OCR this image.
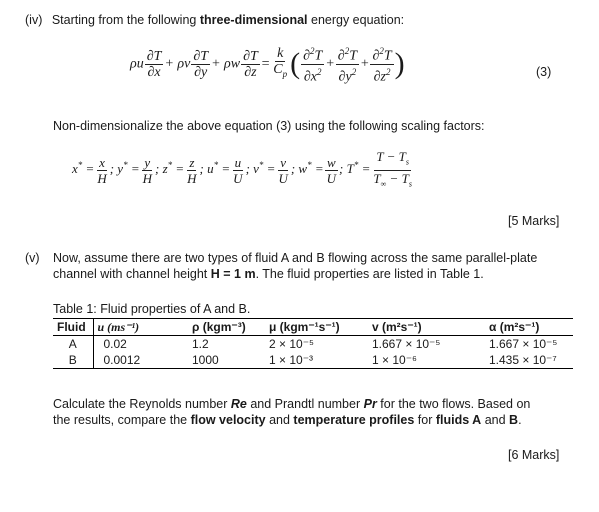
(iv) Starting from the following three-dimensional energy equation:
ρu $\frac{\partial T}{\partial x} + \rho v \frac{\partial T}{\partial y} + \rho w \frac{\partial T}{\partial z} = \frac{k}{C_p}$ ( $\frac{\partial^2T}{\partial x^2} + \frac{\partial^2T}{\partial y^2} + \frac{\partial^2T}{\partial z^2}$ )	(3)
Non-dimensionalize the above equation (3) using the following scaling factors:
$x^* = \frac{x}{H}$ ; $y^* = \frac{y}{H}$ ; $z^* = \frac{z}{H}$ ; $u^* = \frac{u}{U}$ ; $v^* = \frac{v}{U}$ ; $w^* = \frac{w}{U}$ ; $T^* = \frac{T - T_s}{T_\infty - T_s}$
[5 Marks]
(v) Now, assume there are two types of fluid A and B flowing across the same parallel-plate
channel with channel height H = 1 m. The fluid properties are listed in Table 1.
Table 1: Fluid properties of A and B.
Fluid	u (ms⁻¹)	ρ (kgm⁻³)	μ (kgm⁻¹s⁻¹)	v (m²s⁻¹)	α (m²s⁻¹)
A	0.02	1.2	2 × 10⁻⁵	1.667 × 10⁻⁵	1.667 × 10⁻⁵
B	0.0012	1000	1 × 10⁻³	1 × 10⁻⁶	1.435 × 10⁻⁷
Calculate the Reynolds number Re and Prandtl number Pr for the two flows. Based on
the results, compare the flow velocity and temperature profiles for fluids A and B.
[6 Marks]
